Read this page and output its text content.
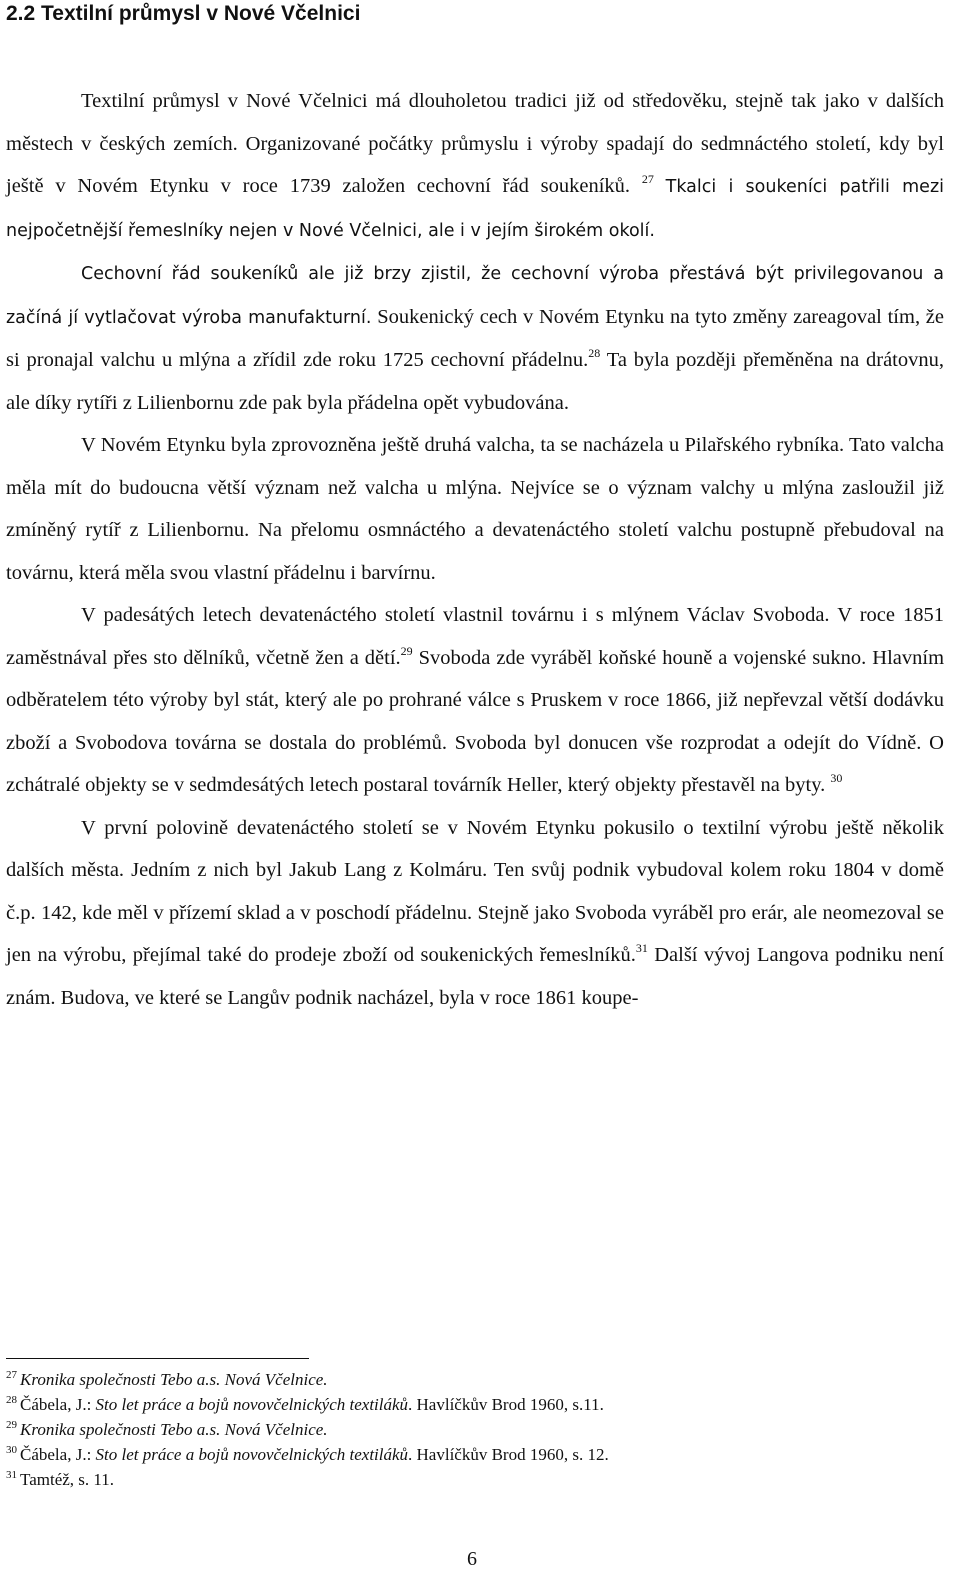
2.2 Textilní průmysl v Nové Včelnici

Textilní průmysl v Nové Včelnici má dlouholetou tradici již od středověku, stejně tak jako v dalších městech v českých zemích. Organizované počátky průmyslu i výroby spadají do sedmnáctého století, kdy byl ještě v Novém Etynku v roce 1739 založen cechovní řád soukeníků. $^{27}$ Tkalci i soukeníci patřili mezi nejpočetnější řemeslníky nejen v Nové Včelnici, ale i v jejím širokém okolí.

Cechovní řád soukeníků ale již brzy zjistil, že cechovní výroba přestává být privilegovanou a začíná jí vytlačovat výroba manufakturní. Soukenický cech v Novém Etynku na tyto změny zareagoval tím, že si pronajal valchu u mlýna a zřídil zde roku 1725 cechovní přádelnu.$^{28}$ Ta byla později přeměněna na drátovnu, ale díky rytíři z Lilienbornu zde pak byla přádelna opět vybudována.

V Novém Etynku byla zprovozněna ještě druhá valcha, ta se nacházela u Pilařského rybníka. Tato valcha měla mít do budoucna větší význam než valcha u mlýna. Nejvíce se o význam valchy u mlýna zasloužil již zmíněný rytíř z Lilienbornu. Na přelomu osmnáctého a devatenáctého století valchu postupně přebudoval na továrnu, která měla svou vlastní přádelnu i barvírnu.

V padesátých letech devatenáctého století vlastnil továrnu i s mlýnem Václav Svoboda. V roce 1851 zaměstnával přes sto dělníků, včetně žen a dětí.$^{29}$ Svoboda zde vyráběl koňské houně a vojenské sukno. Hlavním odběratelem této výroby byl stát, který ale po prohrané válce s Pruskem v roce 1866, již nepřevzal větší dodávku zboží a Svobodova továrna se dostala do problémů. Svoboda byl donucen vše rozprodat a odejít do Vídně. O zchátralé objekty se v sedmdesátých letech postaral továrník Heller, který objekty přestavěl na byty. $^{30}$

V první polovině devatenáctého století se v Novém Etynku pokusilo o textilní výrobu ještě několik dalších města. Jedním z nich byl Jakub Lang z Kolmáru. Ten svůj podnik vybudoval kolem roku 1804 v domě č.p. 142, kde měl v přízemí sklad a v poschodí přádelnu. Stejně jako Svoboda vyráběl pro erár, ale neomezoval se jen na výrobu, přejímal také do prodeje zboží od soukenických řemeslníků.$^{31}$ Další vývoj Langova podniku není znám. Budova, ve které se Langův podnik nacházel, byla v roce 1861 koupe-

$^{27}$ Kronika společnosti Tebo a.s. Nová Včelnice.
$^{28}$ Čábela, J.: Sto let práce a bojů novovčelnických textiláků. Havlíčkův Brod 1960, s.11.
$^{29}$ Kronika společnosti Tebo a.s. Nová Včelnice.
$^{30}$ Čábela, J.: Sto let práce a bojů novovčelnických textiláků. Havlíčkův Brod 1960, s. 12.
$^{31}$ Tamtéž, s. 11.
6
